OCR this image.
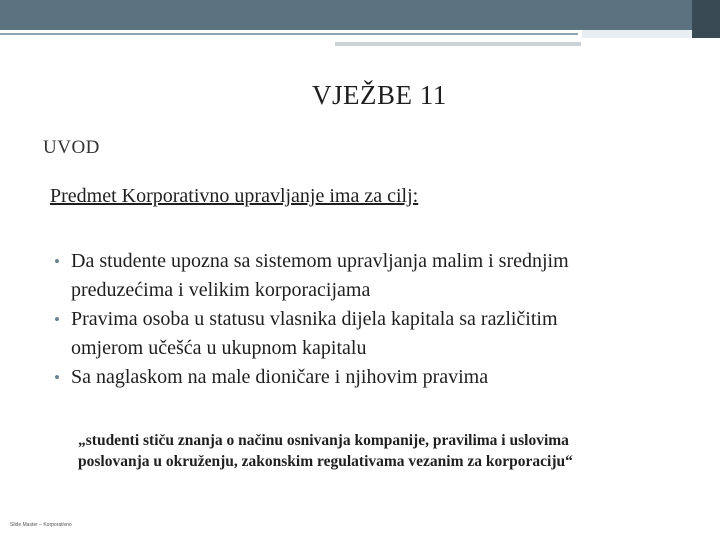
VJEŽBE 11
UVOD
Predmet Korporativno upravljanje ima za cilj:
• Da studente upozna sa sistemom upravljanja malim i srednjim
preduzećima i velikim korporacijama
• Pravima osoba u statusu vlasnika dijela kapitala sa različitim
omjerom učešća u ukupnom kapitalu
• Sa naglaskom na male dioničare i njihovim pravima
„studenti stiču znanja o načinu osnivanja kompanije, pravilima i uslovima
poslovanja u okruženju, zakonskim regulativama vezanim za korporaciju“
Slide Master – Korporativno
